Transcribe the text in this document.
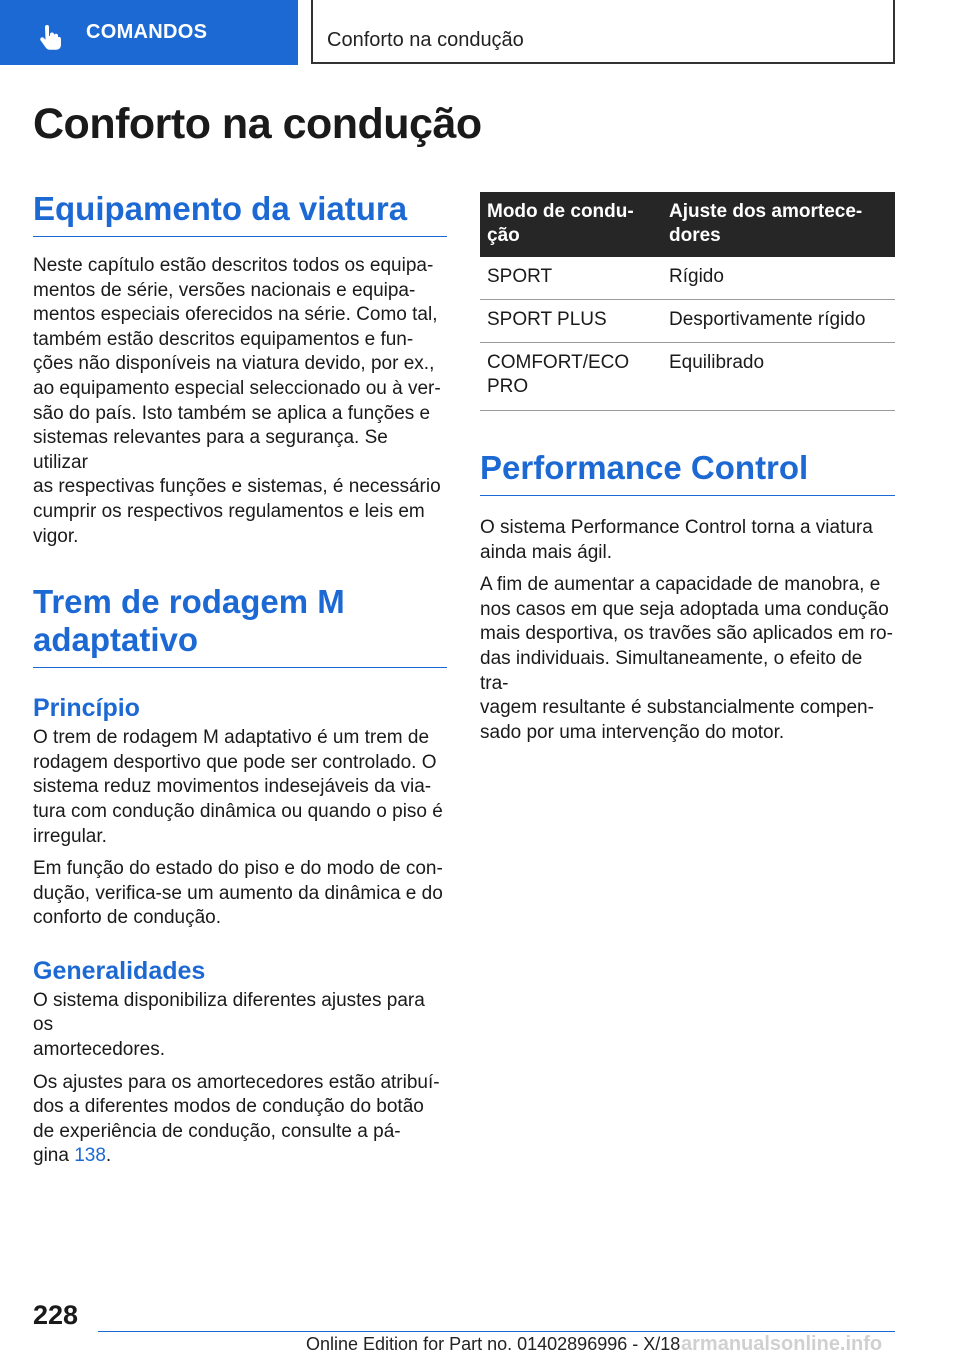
COMANDOS	Conforto na condução
Conforto na condução
Equipamento da viatura

Neste capítulo estão descritos todos os equipa-
mentos de série, versões nacionais e equipa-
mentos especiais oferecidos na série. Como tal,
também estão descritos equipamentos e fun-
ções não disponíveis na viatura devido, por ex.,
ao equipamento especial seleccionado ou à ver-
são do país. Isto também se aplica a funções e
sistemas relevantes para a segurança. Se utilizar
as respectivas funções e sistemas, é necessário
cumprir os respectivos regulamentos e leis em
vigor.

Trem de rodagem M
adaptativo
Princípio

O trem de rodagem M adaptativo é um trem de
rodagem desportivo que pode ser controlado. O
sistema reduz movimentos indesejáveis da via-
tura com condução dinâmica ou quando o piso é
irregular.

Em função do estado do piso e do modo de con-
dução, verifica-se um aumento da dinâmica e do
conforto de condução.

Generalidades

O sistema disponibiliza diferentes ajustes para os
amortecedores.

Os ajustes para os amortecedores estão atribuí-
dos a diferentes modos de condução do botão
de experiência de condução, consulte a pá-
gina 138.

Modo de condu-
ção	Ajuste dos amortece-
dores
SPORT	Rígido
SPORT PLUS	Desportivamente rígido
COMFORT/ECO
PRO	Equilibrado
Performance Control

O sistema Performance Control torna a viatura
ainda mais ágil.

A fim de aumentar a capacidade de manobra, e
nos casos em que seja adoptada uma condução
mais desportiva, os travões são aplicados em ro-
das individuais. Simultaneamente, o efeito de tra-
vagem resultante é substancialmente compen-
sado por uma intervenção do motor.

228
Online Edition for Part no. 01402896996 - X/18 armanualsonline.info
